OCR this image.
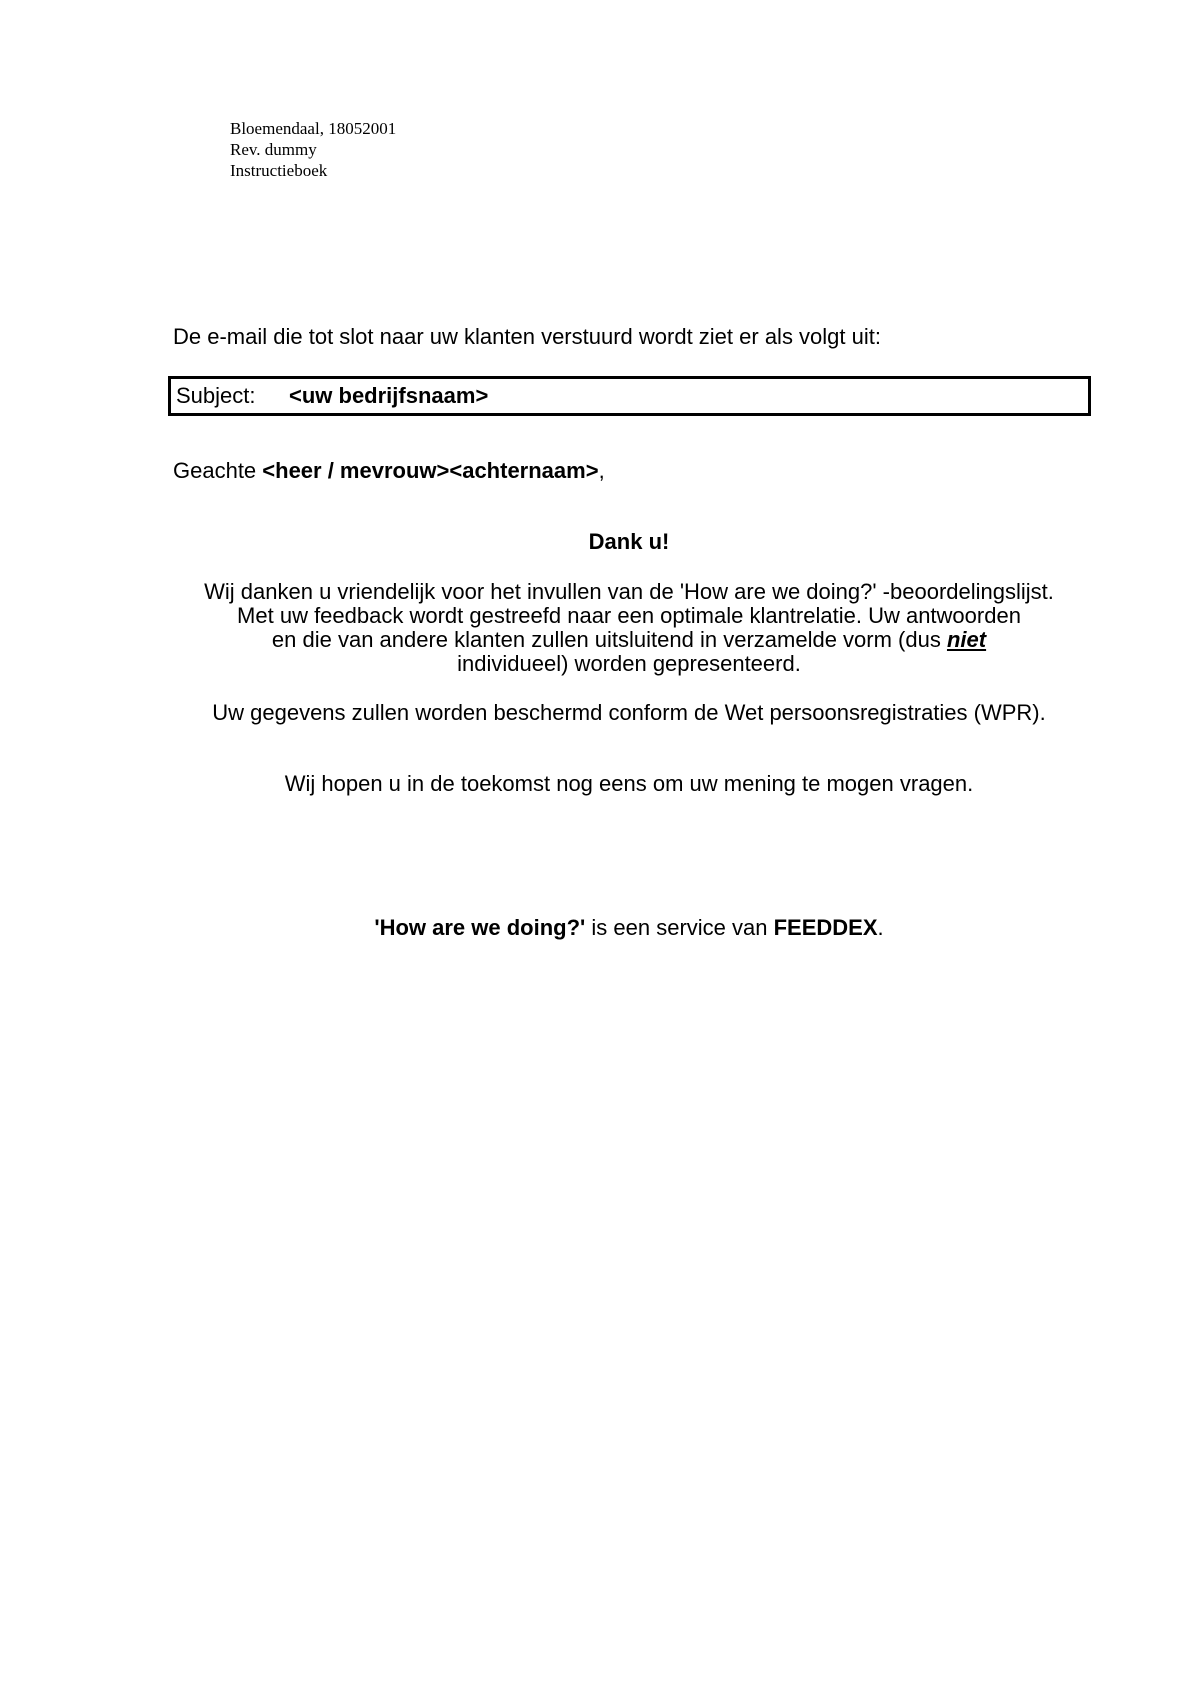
Bloemendaal, 18052001
Rev. dummy
Instructieboek
De e-mail die tot slot naar uw klanten verstuurd wordt ziet er als volgt uit:
Subject: <uw bedrijfsnaam>
Geachte <heer / mevrouw><achternaam>,
Dank u!
Wij danken u vriendelijk voor het invullen van de 'How are we doing?' -beoordelingslijst.
Met uw feedback wordt gestreefd naar een optimale klantrelatie. Uw antwoorden
en die van andere klanten zullen uitsluitend in verzamelde vorm (dus niet
individueel) worden gepresenteerd.
Uw gegevens zullen worden beschermd conform de Wet persoonsregistraties (WPR).
Wij hopen u in de toekomst nog eens om uw mening te mogen vragen.
'How are we doing?' is een service van FEEDDEX.
